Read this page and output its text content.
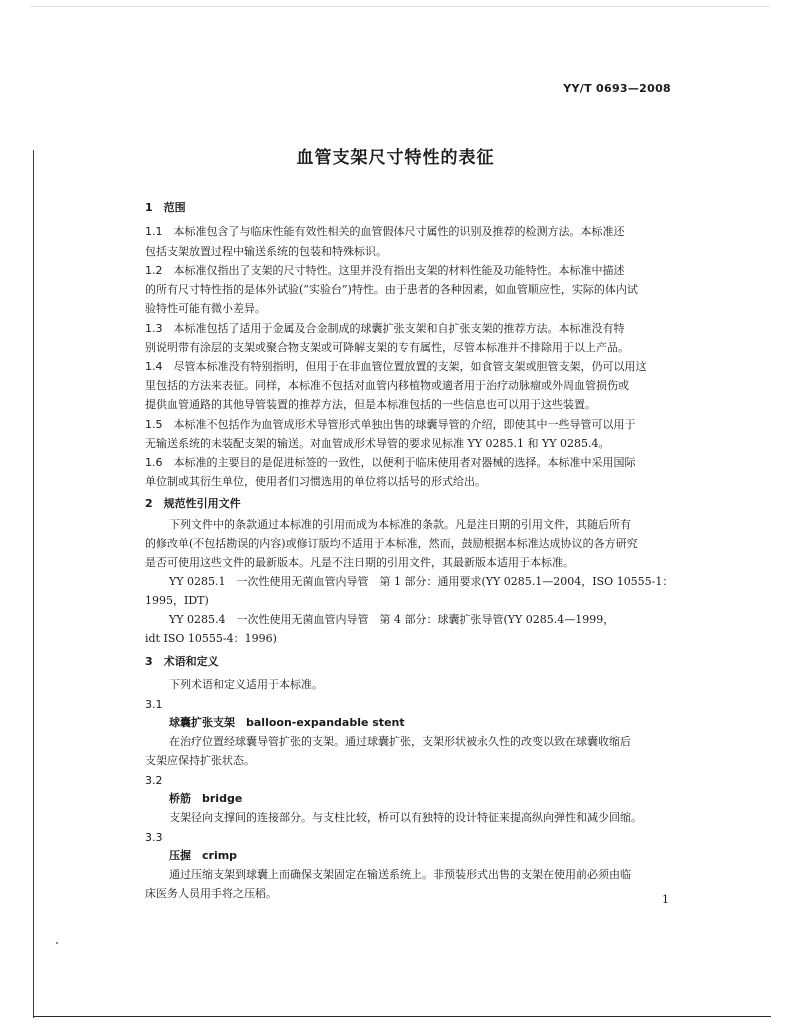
YY/T 0693—2008
血管支架尺寸特性的表征
1　范围
1.1　 本标准包含了与临床性能有效性相关的血管假体尺寸属性的识别及推荐的检测方法。本标准还
包括支架放置过程中输送系统的包装和特殊标识。
1.2　 本标准仅指出了支架的尺寸特性。这里并没有指出支架的材料性能及功能特性。本标准中描述
的所有尺寸特性指的是体外试验(“实验台”)特性。由于患者的各种因素，如血管顺应性，实际的体内试
验特性可能有微小差异。
1.3　 本标准包括了适用于金属及合金制成的球囊扩张支架和自扩张支架的推荐方法。本标准没有特
别说明带有涂层的支架或聚合物支架或可降解支架的专有属性，尽管本标准并不排除用于以上产品。
1.4　 尽管本标准没有特别指明，但用于在非血管位置放置的支架，如食管支架或胆管支架，仍可以用这
里包括的方法来表征。同样，本标准不包括对血管内移植物或適者用于治疗动脉瘤或外周血管损伤或
提供血管通路的其他导管装置的推荐方法，但是本标准包括的一些信息也可以用于这些装置。
1.5　 本标准不包括作为血管成形术导管形式单独出售的球囊导管的介绍，即使其中一些导管可以用于
无输送系统的未装配支架的输送。对血管成形术导管的要求见标准 YY 0285.1 和 YY 0285.4。
1.6　 本标准的主要目的是促进标签的一致性，以便利于临床使用者对器械的选择。本标准中采用国际
单位制或其衍生单位，使用者们习惯选用的单位将以括号的形式给出。
2　规范性引用文件
下列文件中的条款通过本标准的引用而成为本标准的条款。凡是注日期的引用文件，其随后所有
的修改单(不包括勘误的内容)或修订版均不适用于本标准，然而，鼓励根据本标准达成协议的各方研究
是否可使用这些文件的最新版本。凡是不注日期的引用文件，其最新版本适用于本标准。
YY 0285.1　一次性使用无菌血管内导管　第 1 部分：通用要求(YY 0285.1—2004，ISO 10555-1：
1995，IDT)
YY 0285.4　一次性使用无菌血管内导管　第 4 部分：球囊扩张导管(YY 0285.4—1999，
idt ISO 10555-4：1996)
3　术语和定义
下列术语和定义适用于本标准。
3.1
球囊扩张支架　balloon-expandable stent
在治疗位置经球囊导管扩张的支架。通过球囊扩张，支架形状被永久性的改变以致在球囊收缩后
支架应保持扩张状态。
3.2
桥筋　bridge
支架径向支撑间的连接部分。与支柱比较，桥可以有独特的设计特征来提高纵向弹性和减少回缩。
3.3
压握　crimp
通过压缩支架到球囊上而确保支架固定在输送系统上。非预装形式出售的支架在使用前必须由临
床医务人员用手将之压稻。	1
